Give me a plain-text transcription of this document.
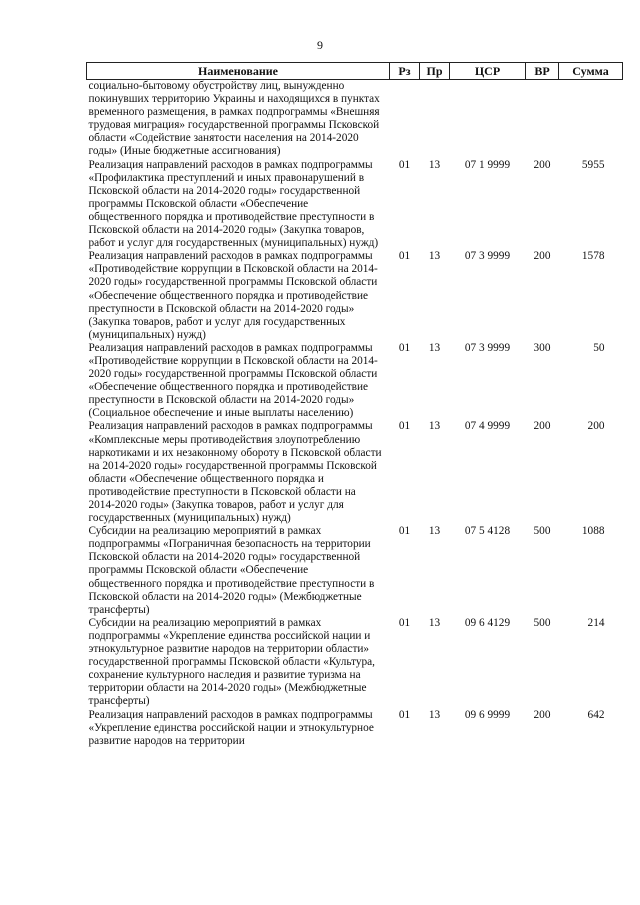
9
Наименование	Рз	Пр	ЦСР	ВР	Сумма
социально-бытовому обустройству лиц, вынужденно покинувших территорию Украины и находящихся в пунктах временного размещения, в рамках подпрограммы «Внешняя трудовая миграция» государственной программы Псковской области «Содействие занятости населения на 2014-2020 годы» (Иные бюджетные ассигнования)					
Реализация направлений расходов в рамках подпрограммы «Профилактика преступлений и иных правонарушений в Псковской области на 2014-2020 годы» государственной программы Псковской области «Обеспечение общественного порядка и противодействие преступности в Псковской области на 2014-2020 годы» (Закупка товаров, работ и услуг для государственных (муниципальных) нужд)	01	13	07 1 9999	200	5955
Реализация направлений расходов в рамках подпрограммы «Противодействие коррупции в Псковской области на 2014-2020 годы» государственной программы Псковской области «Обеспечение общественного порядка и противодействие преступности в Псковской области на 2014-2020 годы» (Закупка товаров, работ и услуг для государственных (муниципальных) нужд)	01	13	07 3 9999	200	1578
Реализация направлений расходов в рамках подпрограммы «Противодействие коррупции в Псковской области на 2014-2020 годы» государственной программы Псковской области «Обеспечение общественного порядка и противодействие преступности в Псковской области на 2014-2020 годы» (Социальное обеспечение и иные выплаты населению)	01	13	07 3 9999	300	50
Реализация направлений расходов в рамках подпрограммы «Комплексные меры противодействия злоупотреблению наркотиками и их незаконному обороту в Псковской области на 2014-2020 годы» государственной программы Псковской области «Обеспечение общественного порядка и противодействие преступности в Псковской области на 2014-2020 годы» (Закупка товаров, работ и услуг для государственных (муниципальных) нужд)	01	13	07 4 9999	200	200
Субсидии на реализацию мероприятий в рамках подпрограммы «Пограничная безопасность на территории Псковской области на 2014-2020 годы» государственной программы Псковской области «Обеспечение общественного порядка и противодействие преступности в Псковской области на 2014-2020 годы» (Межбюджетные трансферты)	01	13	07 5 4128	500	1088
Субсидии на реализацию мероприятий в рамках подпрограммы «Укрепление единства российской нации и этнокультурное развитие народов на территории области» государственной программы Псковской области «Культура, сохранение культурного наследия и развитие туризма на территории области на 2014-2020 годы» (Межбюджетные трансферты)	01	13	09 6 4129	500	214
Реализация направлений расходов в рамках подпрограммы «Укрепление единства российской нации и этнокультурное развитие народов на территории	01	13	09 6 9999	200	642
